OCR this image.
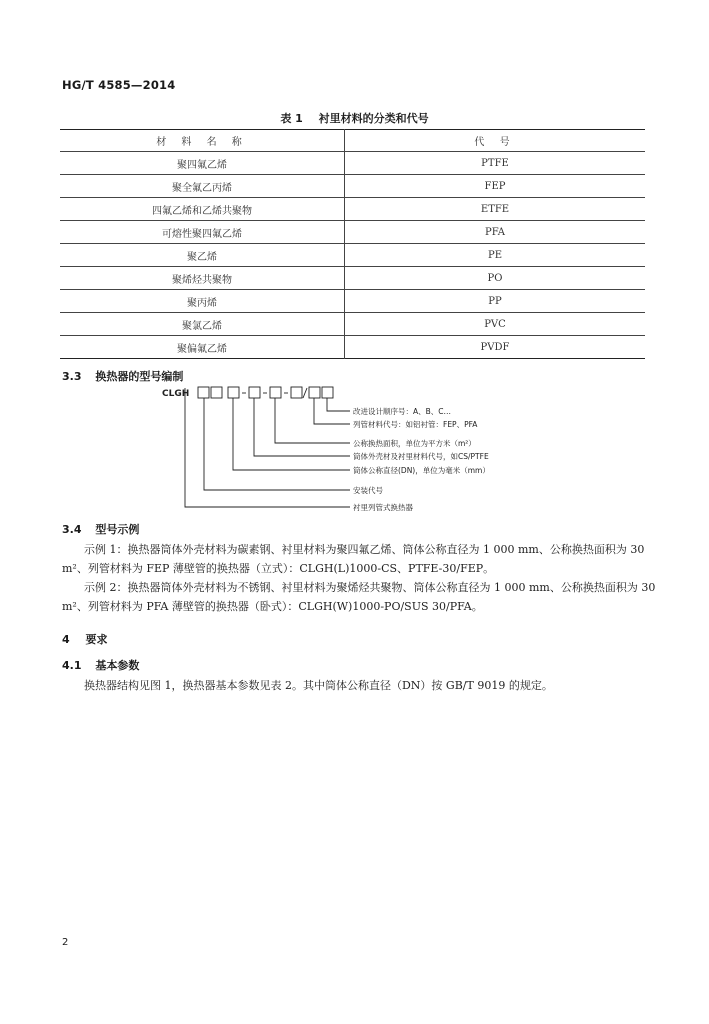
HG/T 4585—2014
表 1 衬里材料的分类和代号
材 料 名 称	代 号
聚四氟乙烯	PTFE
聚全氟乙丙烯	FEP
四氟乙烯和乙烯共聚物	ETFE
可熔性聚四氟乙烯	PFA
聚乙烯	PE
聚烯烃共聚物	PO
聚丙烯	PP
聚氯乙烯	PVC
聚偏氟乙烯	PVDF
3.3 换热器的型号编制
CLGH
改进设计顺序号：A、B、C…
列管材料代号：如铝衬管：FEP、PFA
公称换热面积，单位为平方米（m²）
筒体外壳材及衬里材料代号，如CS/PTFE
筒体公称直径(DN)，单位为毫米（mm）
安装代号
衬里列管式换热器
3.4 型号示例
示例 1：换热器筒体外壳材料为碳素钢、衬里材料为聚四氟乙烯、筒体公称直径为 1 000 mm、公称换热面积为 30 m²、列管材料为 FEP 薄壁管的换热器（立式）：CLGH(L)1000-CS、PTFE-30/FEP。
示例 2：换热器筒体外壳材料为不锈钢、衬里材料为聚烯烃共聚物、筒体公称直径为 1 000 mm、公称换热面积为 30 m²、列管材料为 PFA 薄壁管的换热器（卧式）：CLGH(W)1000-PO/SUS 30/PFA。
4 要求
4.1 基本参数
换热器结构见图 1，换热器基本参数见表 2。其中筒体公称直径（DN）按 GB/T 9019 的规定。
2
